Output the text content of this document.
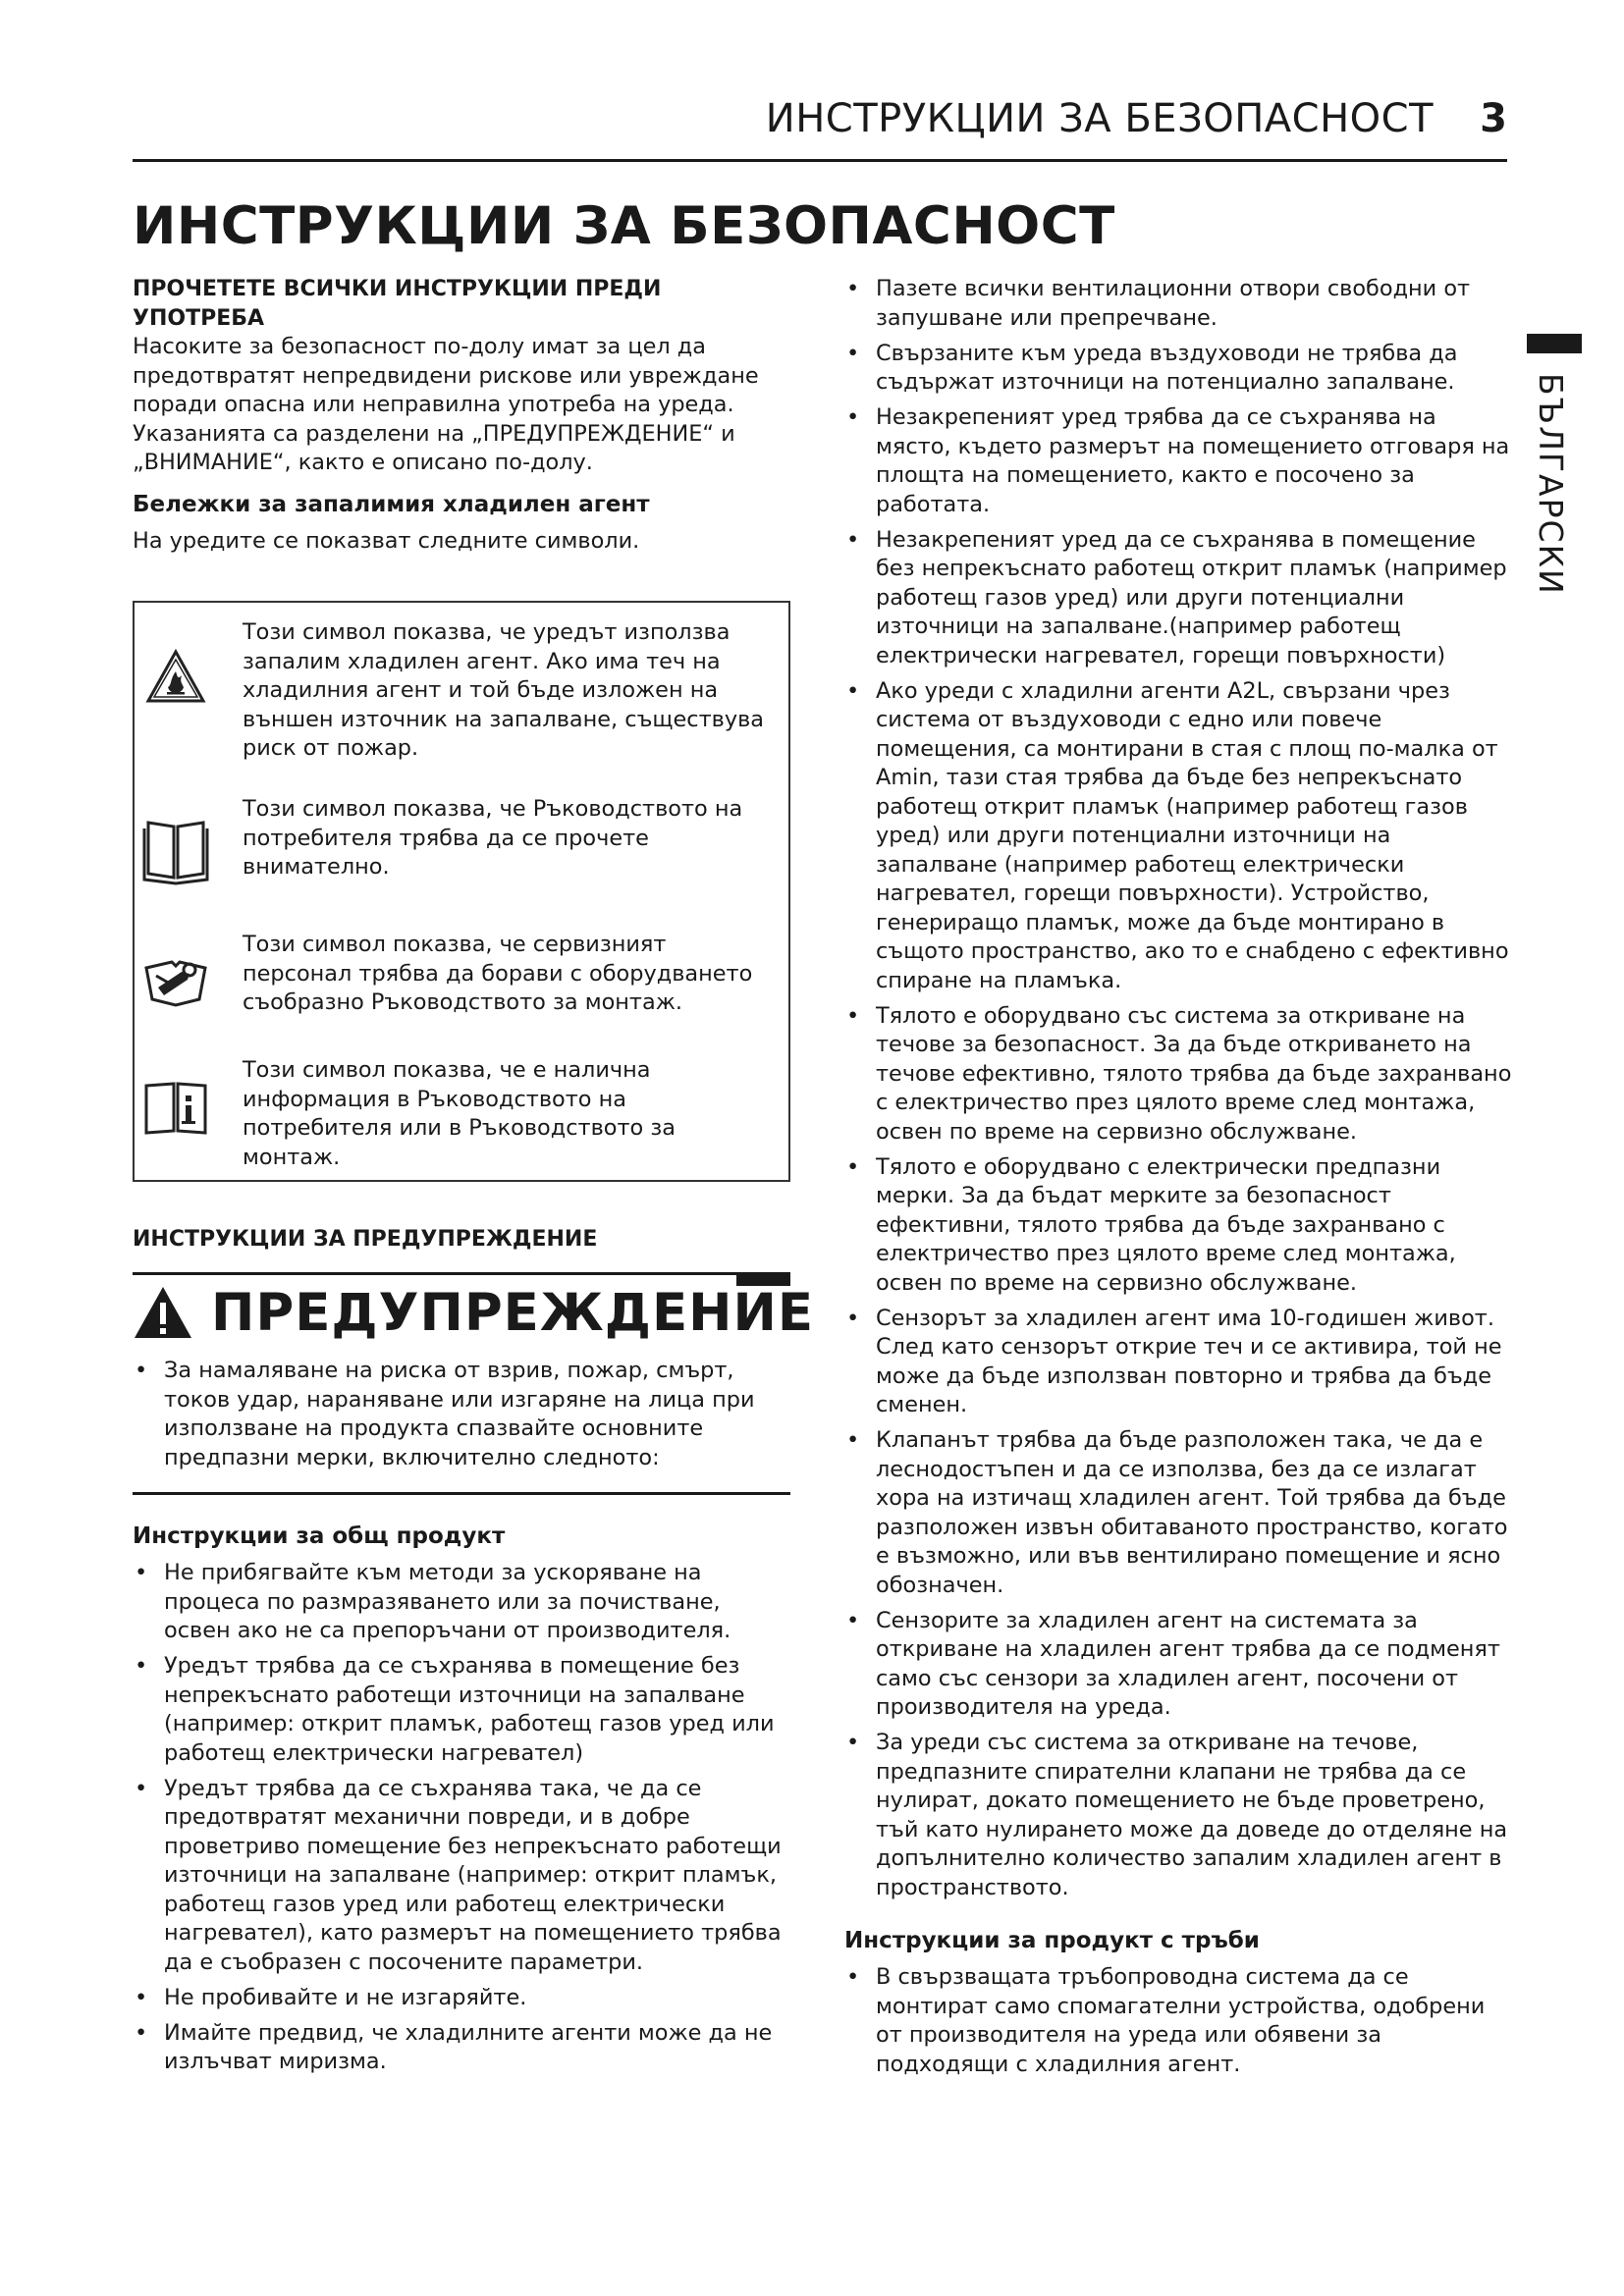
ИНСТРУКЦИИ ЗА БЕЗОПАСНОСТ 3
ИНСТРУКЦИИ ЗА БЕЗОПАСНОСТ
БЪЛГАРСКИ

ПРОЧЕТЕТЕ ВСИЧКИ ИНСТРУКЦИИ ПРЕДИ УПОТРЕБА

Насоките за безопасност по-долу имат за цел да предотвратят непредвидени рискове или увреждане поради опасна или неправилна употреба на уреда.

Указанията са разделени на „ПРЕДУПРЕЖДЕНИЕ“ и „ВНИМАНИЕ“, както е описано по-долу.

Бележки за запалимия хладилен агент

На уредите се показват следните символи.

Този символ показва, че уредът използва запалим хладилен агент. Ако има теч на хладилния агент и той бъде изложен на външен източник на запалване, съществува риск от пожар.
Този символ показва, че Ръководството на потребителя трябва да се прочете внимателно.
Този символ показва, че сервизният персонал трябва да борави с оборудването съобразно Ръководството за монтаж.
Този символ показва, че е налична информация в Ръководството на потребителя или в Ръководството за монтаж.

ИНСТРУКЦИИ ЗА ПРЕДУПРЕЖДЕНИЕ

ПРЕДУПРЕЖДЕНИЕ
• За намаляване на риска от взрив, пожар, смърт, токов удар, нараняване или изгаряне на лица при използване на продукта спазвайте основните предпазни мерки, включително следното:

Инструкции за общ продукт

• Не прибягвайте към методи за ускоряване на процеса по размразяването или за почистване, освен ако не са препоръчани от производителя.
• Уредът трябва да се съхранява в помещение без непрекъснато работещи източници на запалване (например: открит пламък, работещ газов уред или работещ електрически нагревател)
• Уредът трябва да се съхранява така, че да се предотвратят механични повреди, и в добре проветриво помещение без непрекъснато работещи източници на запалване (например: открит пламък, работещ газов уред или работещ електрически нагревател), като размерът на помещението трябва да е съобразен с посочените параметри.
• Не пробивайте и не изгаряйте.
• Имайте предвид, че хладилните агенти може да не излъчват миризма.
• Пазете всички вентилационни отвори свободни от запушване или препречване.
• Свързаните към уреда въздуховоди не трябва да съдържат източници на потенциално запалване.
• Незакрепеният уред трябва да се съхранява на място, където размерът на помещението отговаря на площта на помещението, както е посочено за работата.
• Незакрепеният уред да се съхранява в помещение без непрекъснато работещ открит пламък (например работещ газов уред) или други потенциални източници на запалване.(например работещ електрически нагревател, горещи повърхности)
• Ако уреди с хладилни агенти A2L, свързани чрез система от въздуховоди с едно или повече помещения, са монтирани в стая с площ по-малка от Amin, тази стая трябва да бъде без непрекъснато работещ открит пламък (например работещ газов уред) или други потенциални източници на запалване (например работещ електрически нагревател, горещи повърхности). Устройство, генериращо пламък, може да бъде монтирано в същото пространство, ако то е снабдено с ефективно спиране на пламъка.
• Тялото е оборудвано със система за откриване на течове за безопасност. За да бъде откриването на течове ефективно, тялото трябва да бъде захранвано с електричество през цялото време след монтажа, освен по време на сервизно обслужване.
• Тялото е оборудвано с електрически предпазни мерки. За да бъдат мерките за безопасност ефективни, тялото трябва да бъде захранвано с електричество през цялото време след монтажа, освен по време на сервизно обслужване.
• Сензорът за хладилен агент има 10-годишен живот. След като сензорът открие теч и се активира, той не може да бъде използван повторно и трябва да бъде сменен.
• Клапанът трябва да бъде разположен така, че да е леснодостъпен и да се използва, без да се излагат хора на изтичащ хладилен агент. Той трябва да бъде разположен извън обитаваното пространство, когато е възможно, или във вентилирано помещение и ясно обозначен.
• Сензорите за хладилен агент на системата за откриване на хладилен агент трябва да се подменят само със сензори за хладилен агент, посочени от производителя на уреда.
• За уреди със система за откриване на течове, предпазните спирателни клапани не трябва да се нулират, докато помещението не бъде проветрено, тъй като нулирането може да доведе до отделяне на допълнително количество запалим хладилен агент в пространството.

Инструкции за продукт с тръби

• В свързващата тръбопроводна система да се монтират само спомагателни устройства, одобрени от производителя на уреда или обявени за подходящи с хладилния агент.
